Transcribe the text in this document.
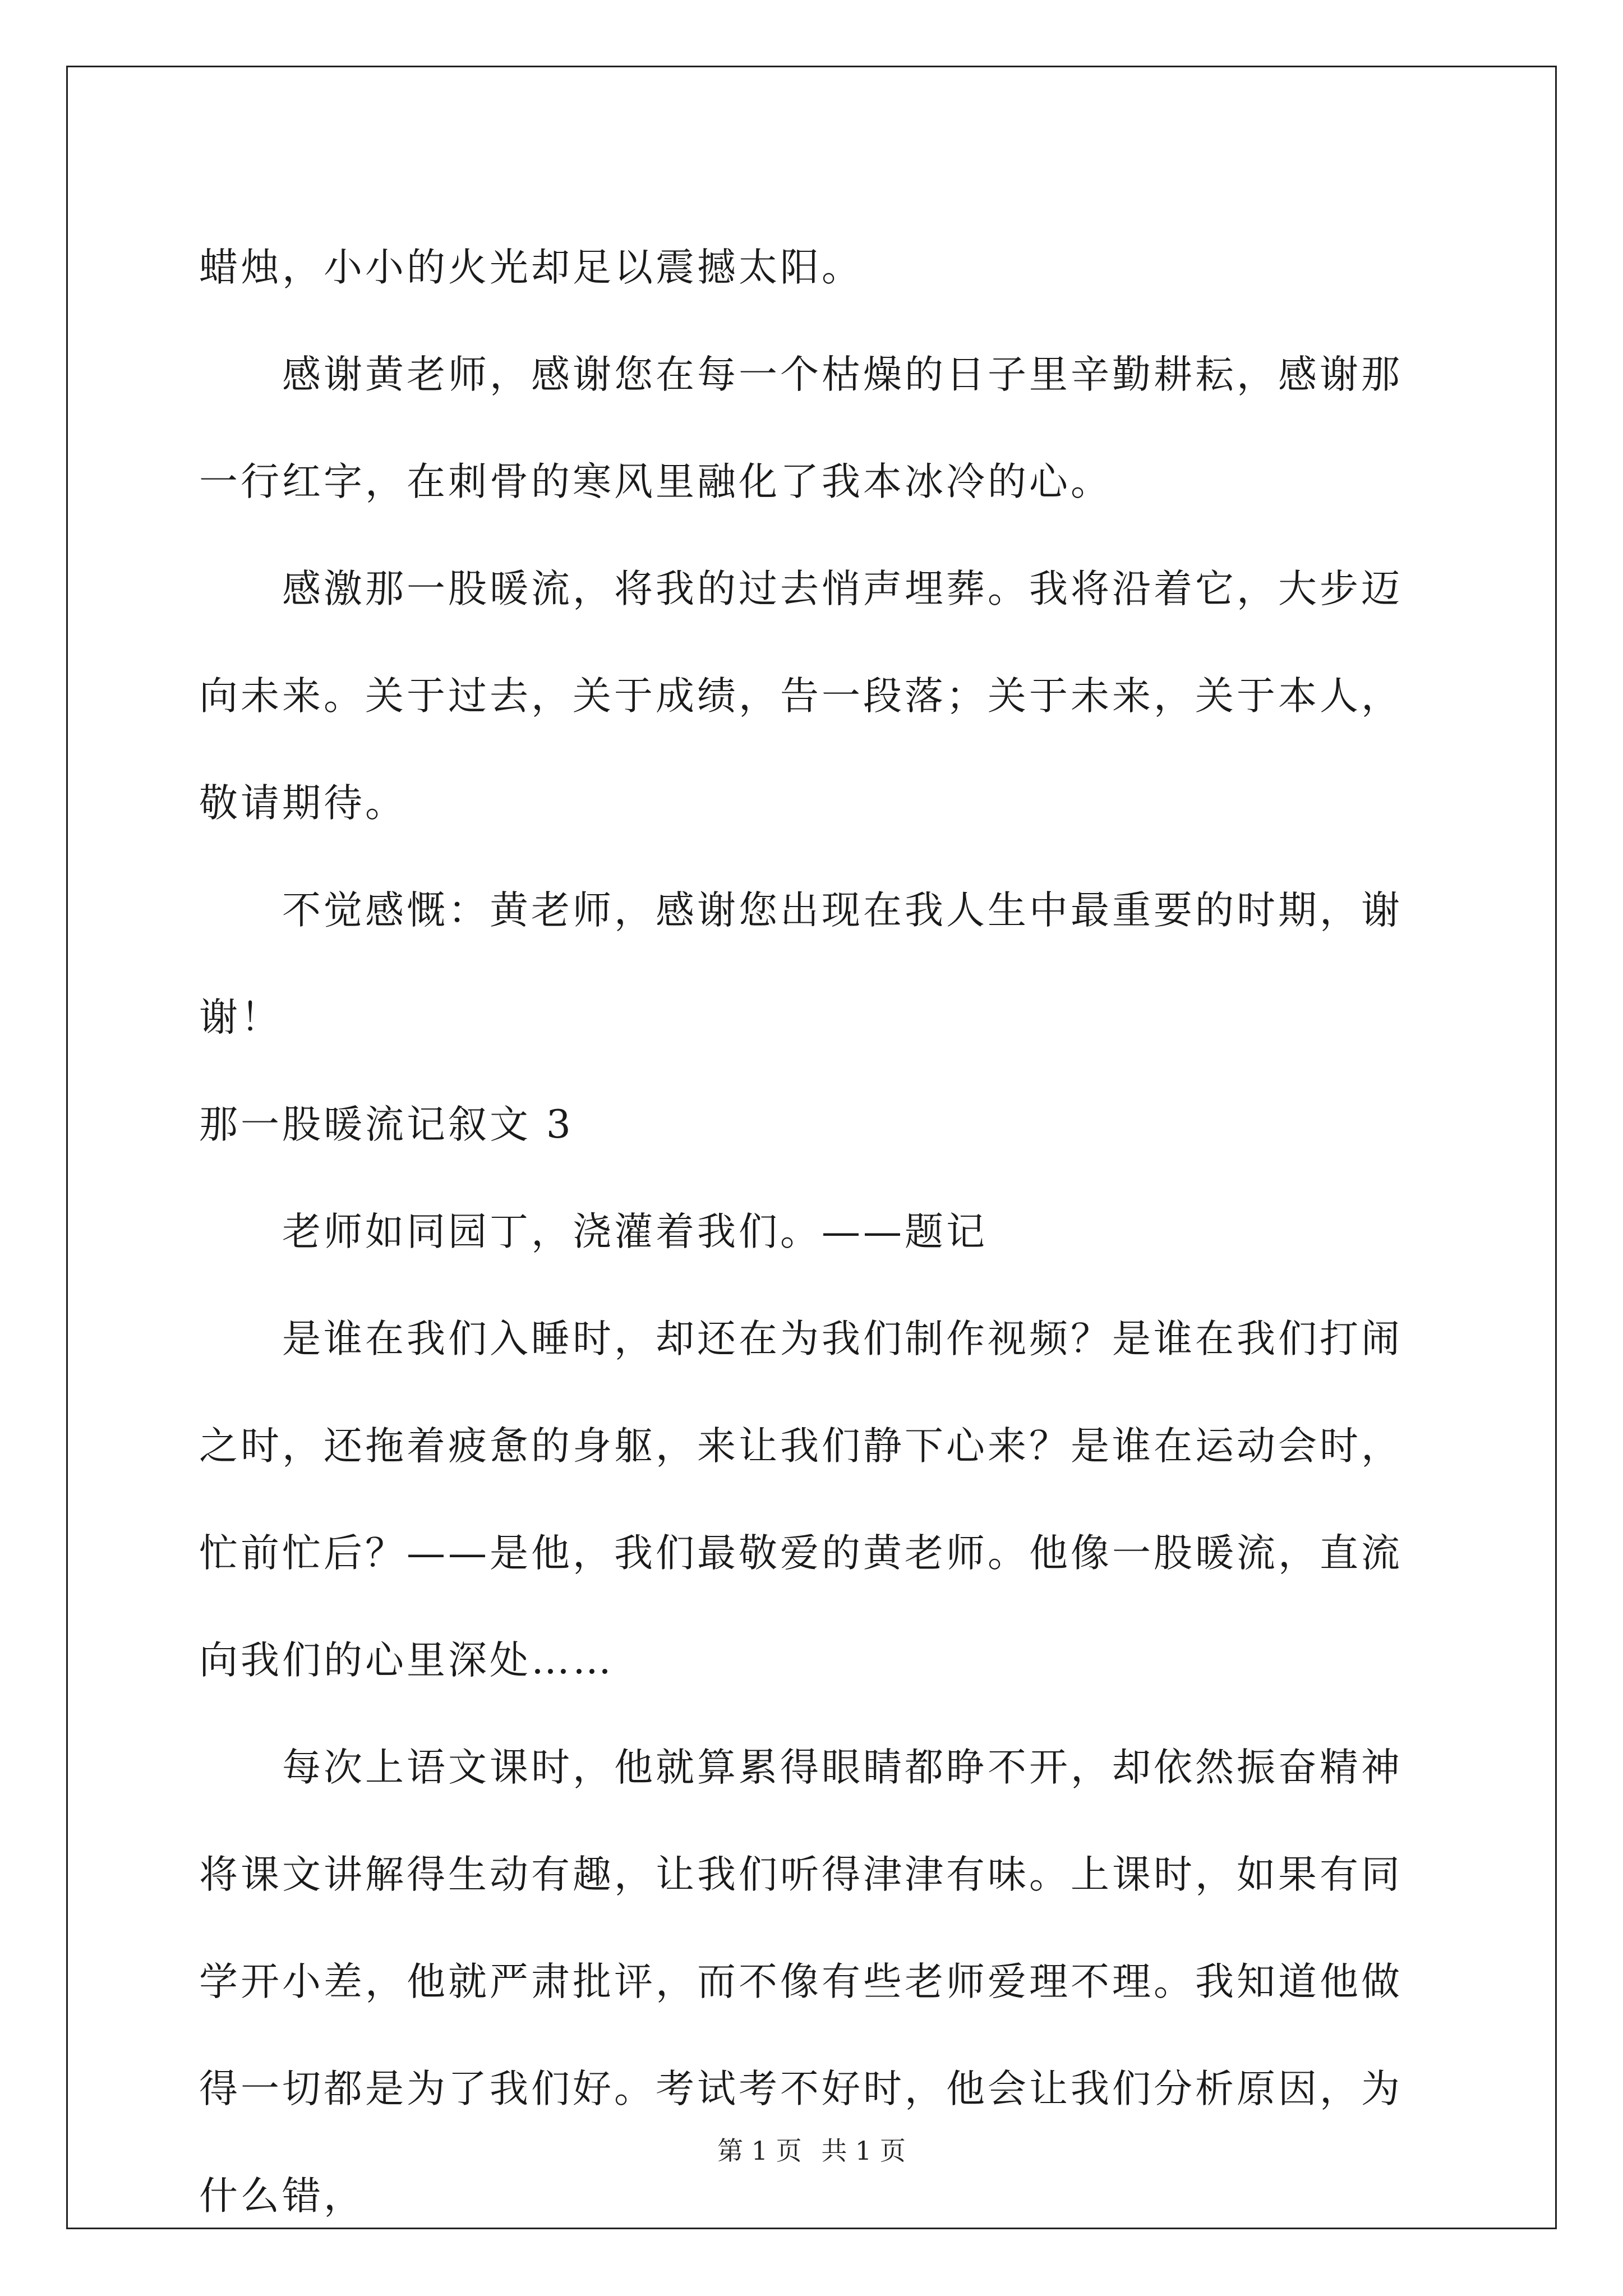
蜡烛，小小的火光却足以震撼太阳。

感谢黄老师，感谢您在每一个枯燥的日子里辛勤耕耘，感谢那一行红字，在刺骨的寒风里融化了我本冰冷的心。

感激那一股暖流，将我的过去悄声埋葬。我将沿着它，大步迈向未来。关于过去，关于成绩，告一段落；关于未来，关于本人，敬请期待。

不觉感慨：黄老师，感谢您出现在我人生中最重要的时期，谢谢！

那一股暖流记叙文 3

老师如同园丁，浇灌着我们。——题记

是谁在我们入睡时，却还在为我们制作视频？是谁在我们打闹之时，还拖着疲惫的身躯，来让我们静下心来？是谁在运动会时，忙前忙后？——是他，我们最敬爱的黄老师。他像一股暖流，直流向我们的心里深处……

每次上语文课时，他就算累得眼睛都睁不开，却依然振奋精神将课文讲解得生动有趣，让我们听得津津有味。上课时，如果有同学开小差，他就严肃批评，而不像有些老师爱理不理。我知道他做得一切都是为了我们好。考试考不好时，他会让我们分析原因，为什么错，

第 1 页 共 1 页
